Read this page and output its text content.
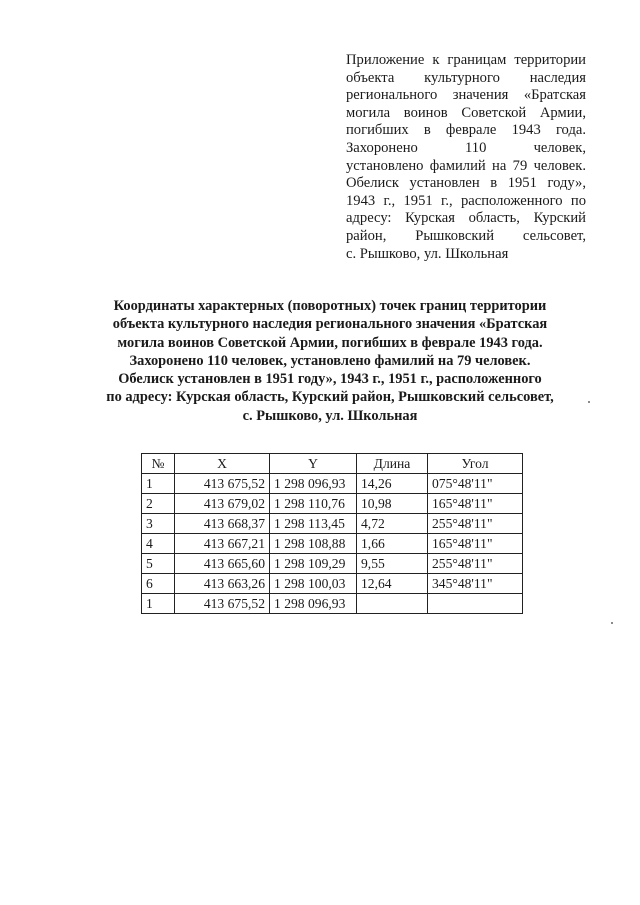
Приложение к границам территории
объекта культурного наследия
регионального значения «Братская
могила воинов Советской Армии,
погибших в феврале 1943 года.
Захоронено 110 человек,
установлено фамилий на 79 человек.
Обелиск установлен в 1951 году»,
1943 г., 1951 г., расположенного по
адресу: Курская область, Курский
район, Рышковский сельсовет,
с. Рышково, ул. Школьная
Координаты характерных (поворотных) точек границ территории
объекта культурного наследия регионального значения «Братская
могила воинов Советской Армии, погибших в феврале 1943 года.
Захоронено 110 человек, установлено фамилий на 79 человек.
Обелиск установлен в 1951 году», 1943 г., 1951 г., расположенного
по адресу: Курская область, Курский район, Рышковский сельсовет,
с. Рышково, ул. Школьная
№	X	Y	Длина	Угол
1	413 675,52	1 298 096,93	14,26	075°48'11"
2	413 679,02	1 298 110,76	10,98	165°48'11"
3	413 668,37	1 298 113,45	4,72	255°48'11"
4	413 667,21	1 298 108,88	1,66	165°48'11"
5	413 665,60	1 298 109,29	9,55	255°48'11"
6	413 663,26	1 298 100,03	12,64	345°48'11"
1	413 675,52	1 298 096,93		
